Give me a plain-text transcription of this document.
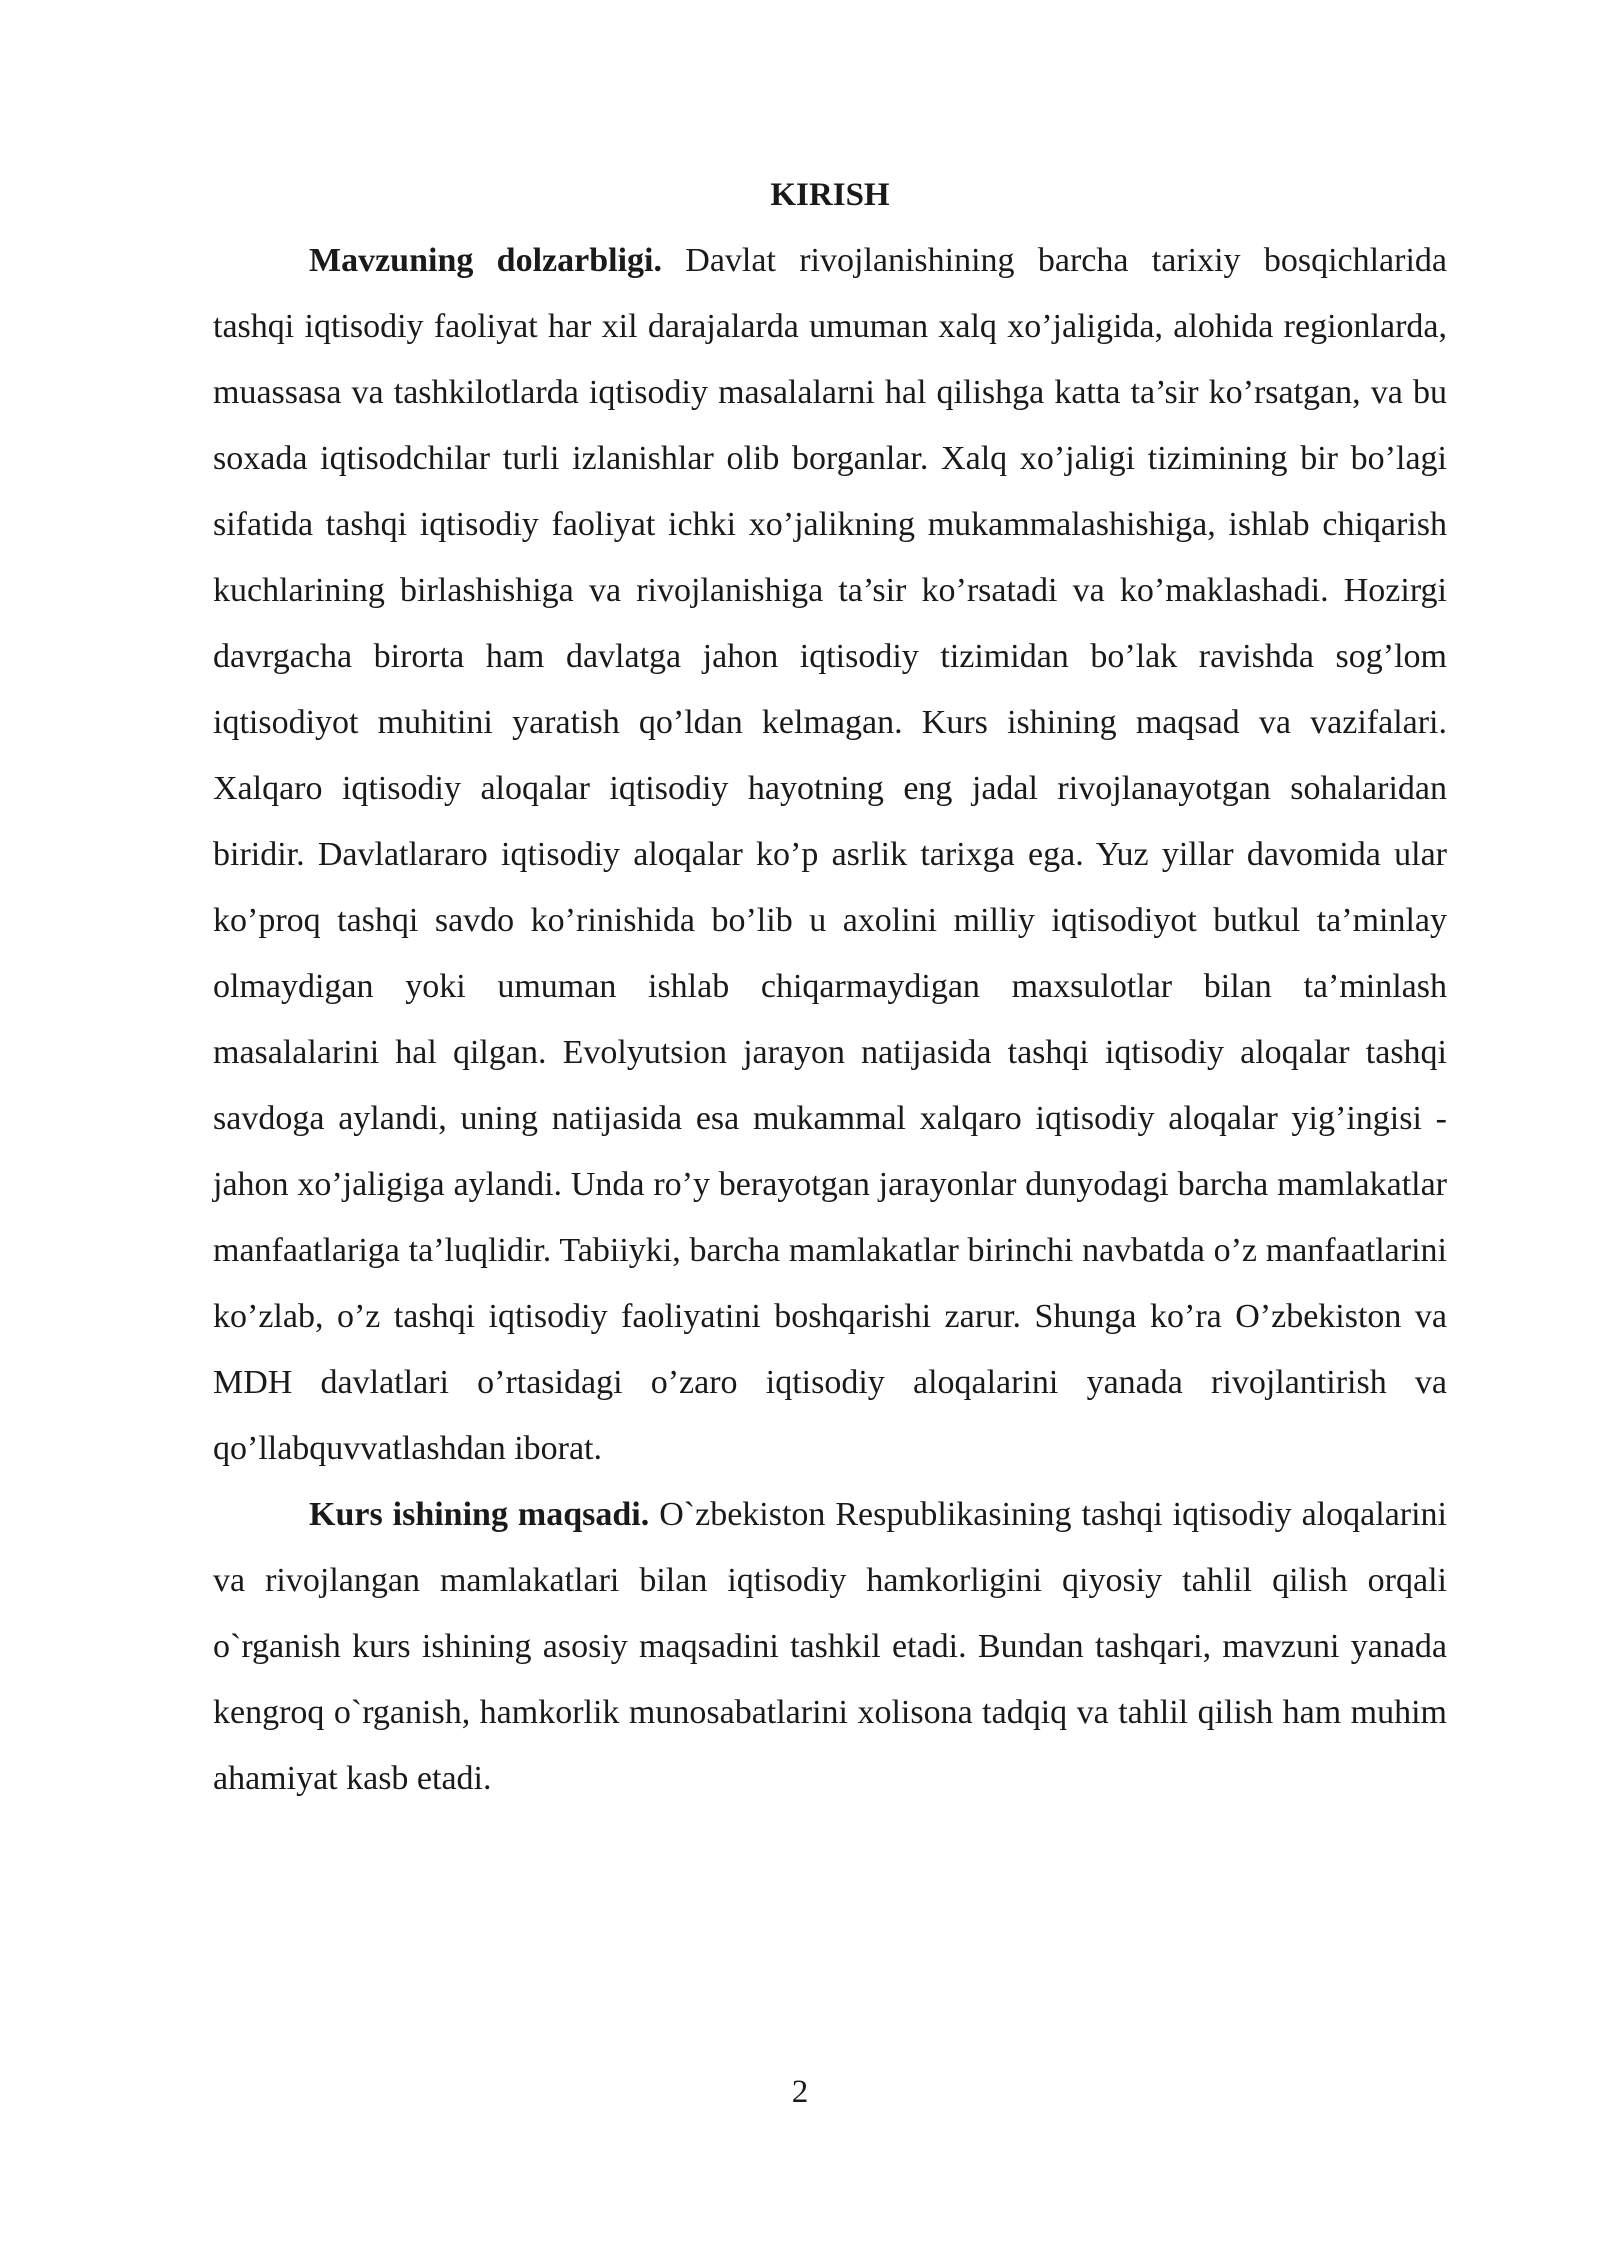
KIRISH

Mavzuning dolzarbligi. Davlat rivojlanishining barcha tarixiy bosqichlarida tashqi iqtisodiy faoliyat har xil darajalarda umuman xalq xo’jaligida, alohida regionlarda, muassasa va tashkilotlarda iqtisodiy masalalarni hal qilishga katta ta’sir ko’rsatgan, va bu soxada iqtisodchilar turli izlanishlar olib borganlar. Xalq xo’jaligi tizimining bir bo’lagi sifatida tashqi iqtisodiy faoliyat ichki xo’jalikning mukammalashishiga, ishlab chiqarish kuchlarining birlashishiga va rivojlanishiga ta’sir ko’rsatadi va ko’maklashadi. Hozirgi davrgacha birorta ham davlatga jahon iqtisodiy tizimidan bo’lak ravishda sog’lom iqtisodiyot muhitini yaratish qo’ldan kelmagan. Kurs ishining maqsad va vazifalari. Xalqaro iqtisodiy aloqalar iqtisodiy hayotning eng jadal rivojlanayotgan sohalaridan biridir. Davlatlararo iqtisodiy aloqalar ko’p asrlik tarixga ega. Yuz yillar davomida ular ko’proq tashqi savdo ko’rinishida bo’lib u axolini milliy iqtisodiyot butkul ta’minlay olmaydigan yoki umuman ishlab chiqarmaydigan maxsulotlar bilan ta’minlash masalalarini hal qilgan. Evolyutsion jarayon natijasida tashqi iqtisodiy aloqalar tashqi savdoga aylandi, uning natijasida esa mukammal xalqaro iqtisodiy aloqalar yig’ingisi - jahon xo’jaligiga aylandi. Unda ro’y berayotgan jarayonlar dunyodagi barcha mamlakatlar manfaatlariga ta’luqlidir. Tabiiyki, barcha mamlakatlar birinchi navbatda o’z manfaatlarini ko’zlab, o’z tashqi iqtisodiy faoliyatini boshqarishi zarur. Shunga ko’ra O’zbekiston va MDH davlatlari o’rtasidagi o’zaro iqtisodiy aloqalarini yanada rivojlantirish va qo’llabquvvatlashdan iborat.

Kurs ishining maqsadi. O`zbekiston Respublikasining tashqi iqtisodiy aloqalarini va rivojlangan mamlakatlari bilan iqtisodiy hamkorligini qiyosiy tahlil qilish orqali o`rganish kurs ishining asosiy maqsadini tashkil etadi. Bundan tashqari, mavzuni yanada kengroq o`rganish, hamkorlik munosabatlarini xolisona tadqiq va tahlil qilish ham muhim ahamiyat kasb etadi.

2
